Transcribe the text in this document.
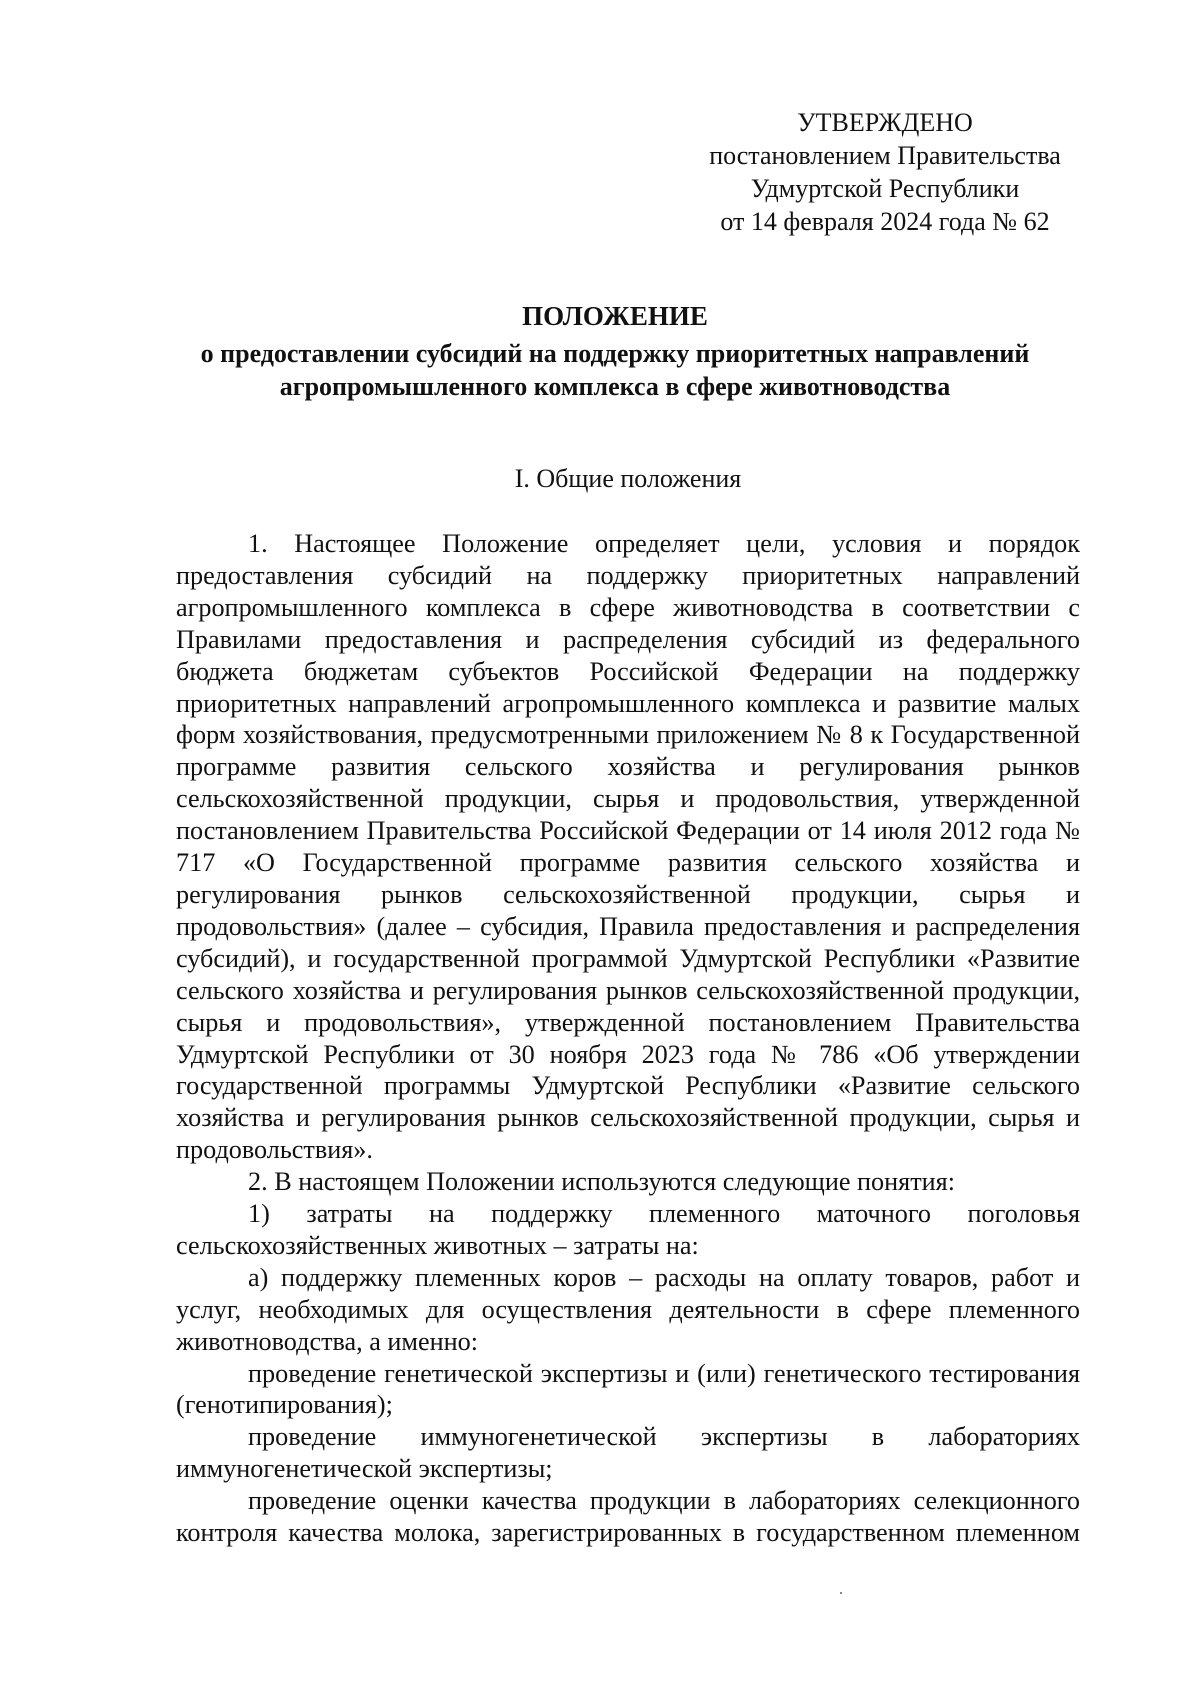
УТВЕРЖДЕНО
постановлением Правительства
Удмуртской Республики
от 14 февраля 2024 года № 62
ПОЛОЖЕНИЕ
о предоставлении субсидий на поддержку приоритетных направлений
агропромышленного комплекса в сфере животноводства
I. Общие положения

1. Настоящее Положение определяет цели, условия и порядок предоставления субсидий на поддержку приоритетных направлений агропромышленного комплекса в сфере животноводства в соответствии с Правилами предоставления и распределения субсидий из федерального бюджета бюджетам субъектов Российской Федерации на поддержку приоритетных направлений агропромышленного комплекса и развитие малых форм хозяйствования, предусмотренными приложением № 8 к Государственной программе развития сельского хозяйства и регулирования рынков сельскохозяйственной продукции, сырья и продовольствия, утвержденной постановлением Правительства Российской Федерации от 14 июля 2012 года № 717 «О Государственной программе развития сельского хозяйства и регулирования рынков сельскохозяйственной продукции, сырья и продовольствия» (далее – субсидия, Правила предоставления и распределения субсидий), и государственной программой Удмуртской Республики «Развитие сельского хозяйства и регулирования рынков сельскохозяйственной продукции, сырья и продовольствия», утвержденной постановлением Правительства Удмуртской Республики от 30 ноября 2023 года № 786 «Об утверждении государственной программы Удмуртской Республики «Развитие сельского хозяйства и регулирования рынков сельскохозяйственной продукции, сырья и продовольствия».

2. В настоящем Положении используются следующие понятия:

1) затраты на поддержку племенного маточного поголовья сельскохозяйственных животных – затраты на:

а) поддержку племенных коров – расходы на оплату товаров, работ и услуг, необходимых для осуществления деятельности в сфере племенного животноводства, а именно:

проведение генетической экспертизы и (или) генетического тестирования (генотипирования);

проведение иммуногенетической экспертизы в лабораториях иммуногенетической экспертизы;

проведение оценки качества продукции в лабораториях селекционного контроля качества молока, зарегистрированных в государственном племенном
